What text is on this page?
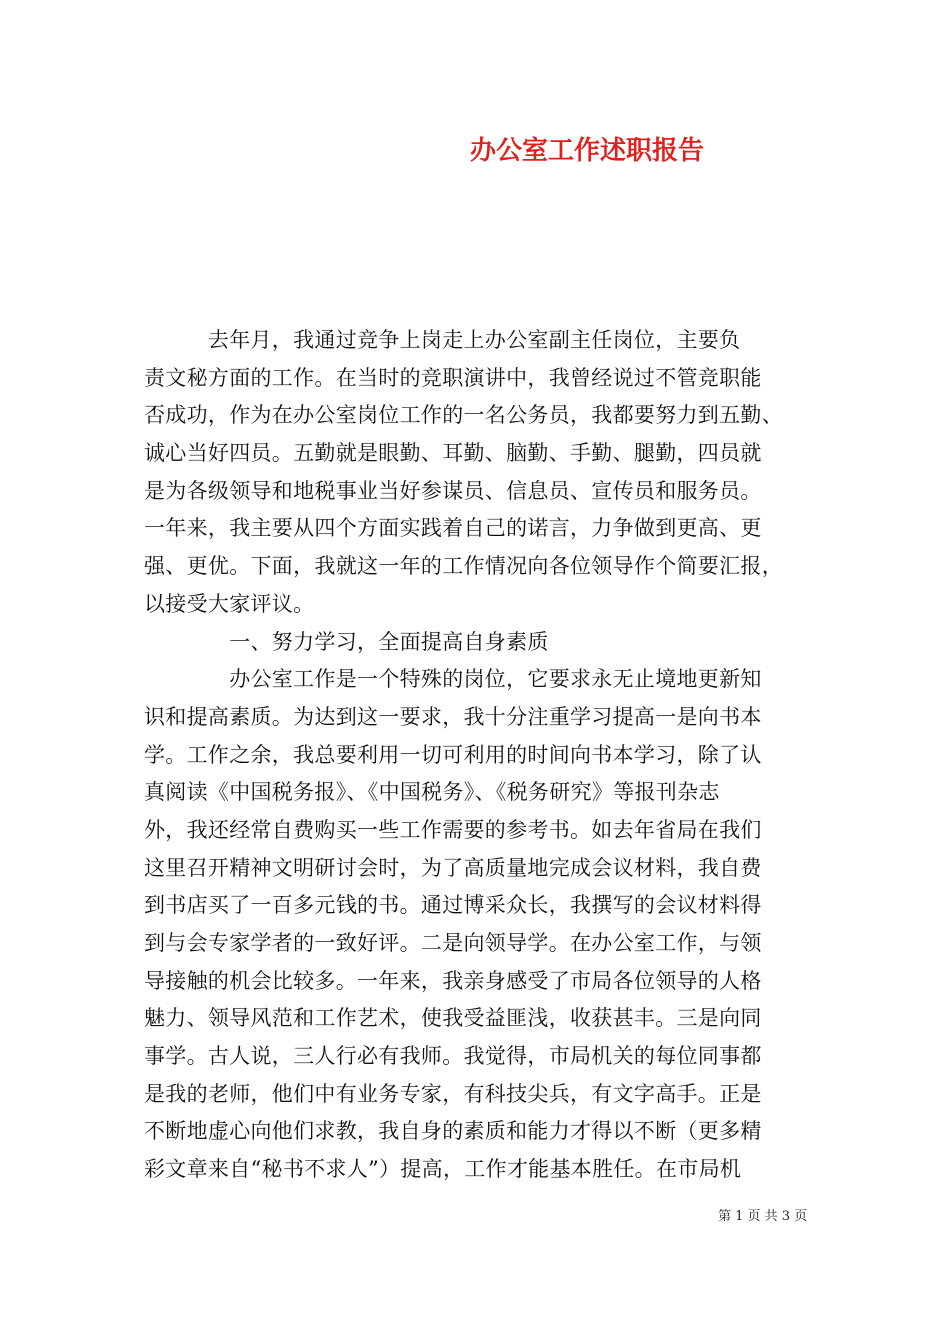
办公室工作述职报告
　　　去年月，我通过竞争上岗走上办公室副主任岗位，主要负
责文秘方面的工作。在当时的竞职演讲中，我曾经说过不管竞职能
否成功，作为在办公室岗位工作的一名公务员，我都要努力到五勤、
诚心当好四员。五勤就是眼勤、耳勤、脑勤、手勤、腿勤，四员就
是为各级领导和地税事业当好参谋员、信息员、宣传员和服务员。
一年来，我主要从四个方面实践着自己的诺言，力争做到更高、更
强、更优。下面，我就这一年的工作情况向各位领导作个简要汇报，
以接受大家评议。
　　　　一、努力学习，全面提高自身素质
　　　　办公室工作是一个特殊的岗位，它要求永无止境地更新知
识和提高素质。为达到这一要求，我十分注重学习提高一是向书本
学。工作之余，我总要利用一切可利用的时间向书本学习，除了认
真阅读《中国税务报》、《中国税务》、《税务研究》等报刊杂志
外，我还经常自费购买一些工作需要的参考书。如去年省局在我们
这里召开精神文明研讨会时，为了高质量地完成会议材料，我自费
到书店买了一百多元钱的书。通过博采众长，我撰写的会议材料得
到与会专家学者的一致好评。二是向领导学。在办公室工作，与领
导接触的机会比较多。一年来，我亲身感受了市局各位领导的人格
魅力、领导风范和工作艺术，使我受益匪浅，收获甚丰。三是向同
事学。古人说，三人行必有我师。我觉得，市局机关的每位同事都
是我的老师，他们中有业务专家，有科技尖兵，有文字高手。正是
不断地虚心向他们求教，我自身的素质和能力才得以不断（更多精
彩文章来自“秘书不求人”）提高，工作才能基本胜任。在市局机
第 1 页 共 3 页
